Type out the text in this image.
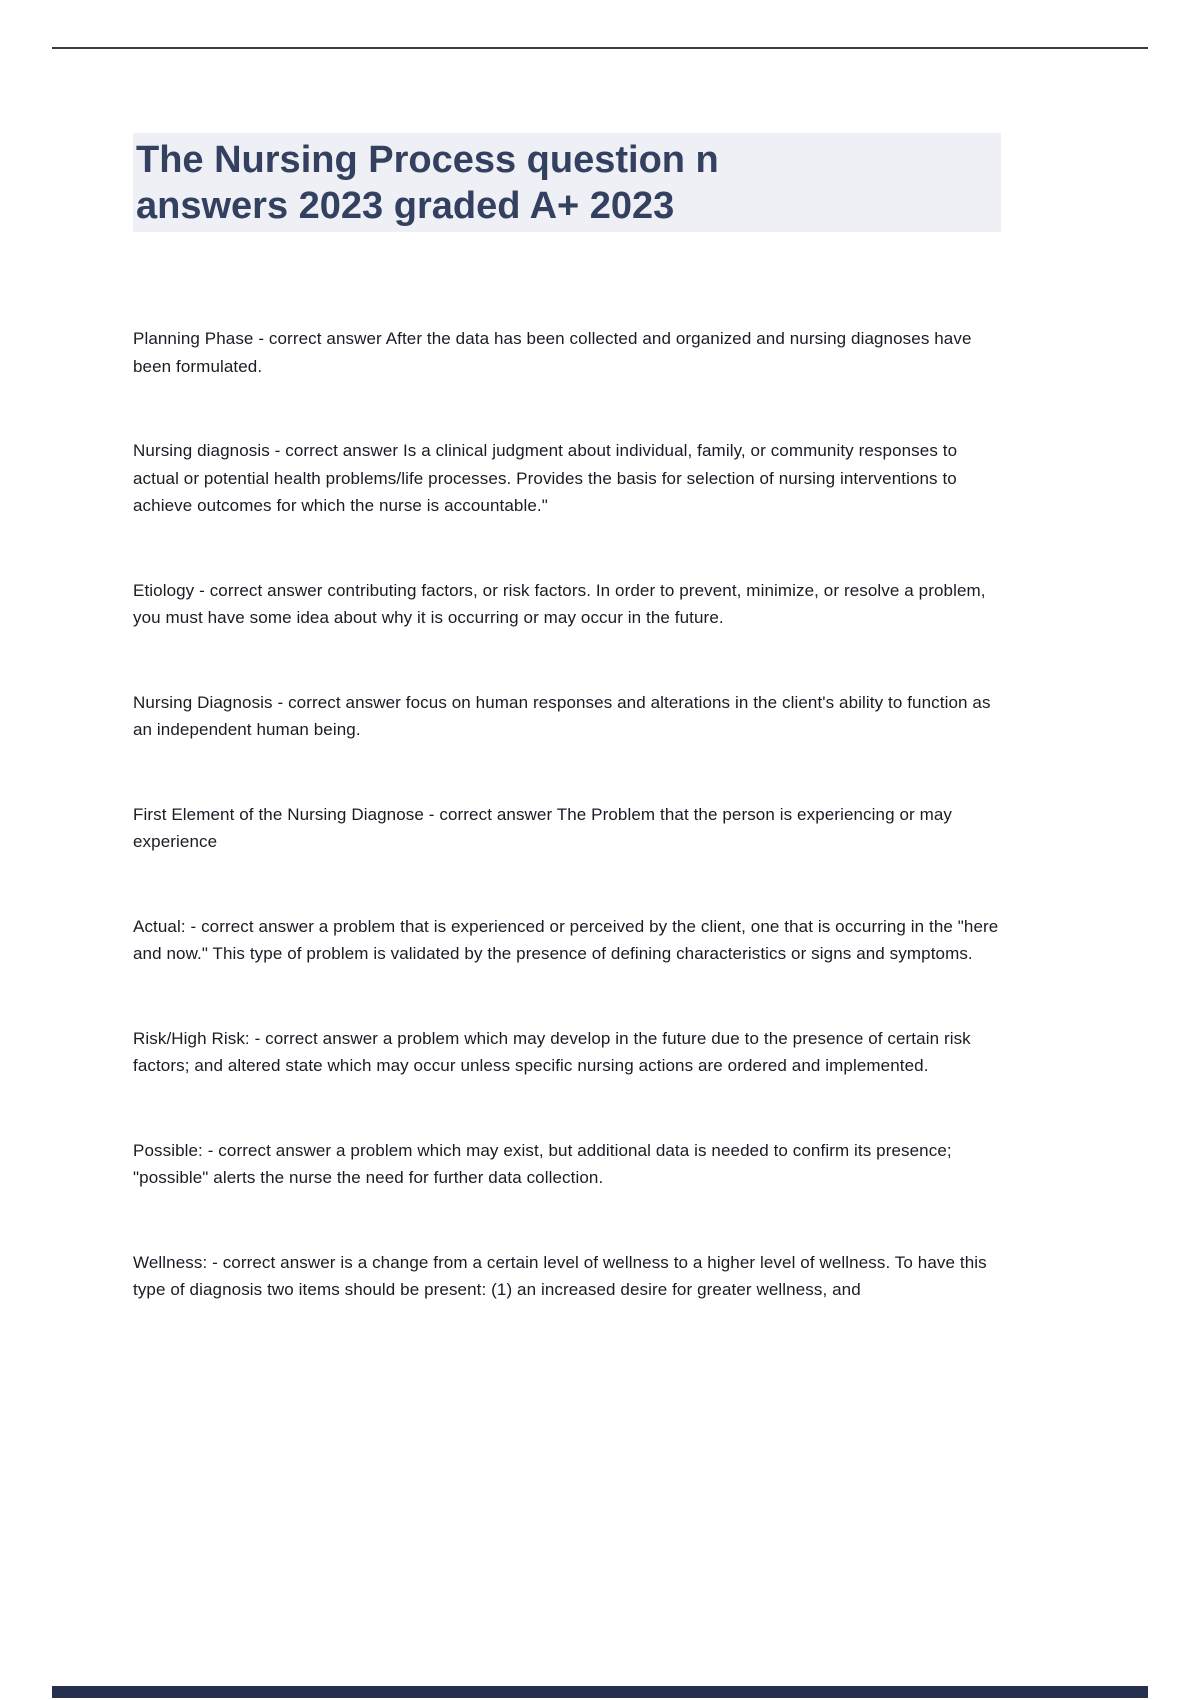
The Nursing Process question n
answers 2023 graded A+ 2023

Planning Phase - correct answer After the data has been collected and organized and nursing diagnoses have been formulated.

Nursing diagnosis - correct answer Is a clinical judgment about individual, family, or community responses to actual or potential health problems/life processes. Provides the basis for selection of nursing interventions to achieve outcomes for which the nurse is accountable."

Etiology - correct answer contributing factors, or risk factors. In order to prevent, minimize, or resolve a problem, you must have some idea about why it is occurring or may occur in the future.

Nursing Diagnosis - correct answer focus on human responses and alterations in the client's ability to function as an independent human being.

First Element of the Nursing Diagnose - correct answer The Problem that the person is experiencing or may experience

Actual: - correct answer a problem that is experienced or perceived by the client, one that is occurring in the "here and now." This type of problem is validated by the presence of defining characteristics or signs and symptoms.

Risk/High Risk: - correct answer a problem which may develop in the future due to the presence of certain risk factors; and altered state which may occur unless specific nursing actions are ordered and implemented.

Possible: - correct answer a problem which may exist, but additional data is needed to confirm its presence; "possible" alerts the nurse the need for further data collection.

Wellness: - correct answer is a change from a certain level of wellness to a higher level of wellness. To have this type of diagnosis two items should be present: (1) an increased desire for greater wellness, and
